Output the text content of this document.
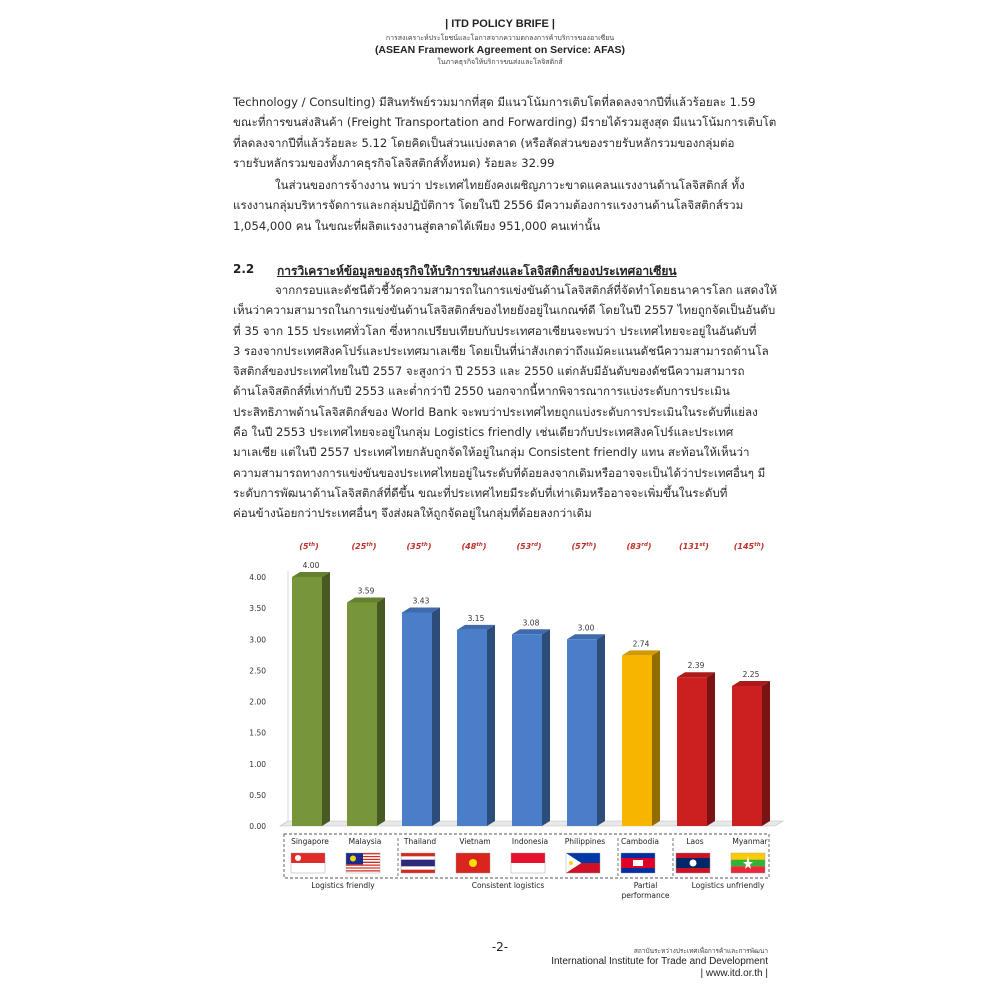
| ITD POLICY BRIFE |
การสงเคราะห์ประโยชน์และโอกาสจากความตกลงการค้าบริการของอาเซียน
(ASEAN Framework Agreement on Service: AFAS)
ในภาคธุรกิจให้บริการขนส่งและโลจิสติกส์
Technology / Consulting) มีสินทรัพย์รวมมากที่สุด มีแนวโน้มการเติบโตที่ลดลงจากปีที่แล้วร้อยละ 1.59
ขณะที่การขนส่งสินค้า (Freight Transportation and Forwarding) มีรายได้รวมสูงสุด มีแนวโน้มการเติบโต
ที่ลดลงจากปีที่แล้วร้อยละ 5.12 โดยคิดเป็นส่วนแบ่งตลาด (หรือสัดส่วนของรายรับหลักรวมของกลุ่มต่อ
รายรับหลักรวมของทั้งภาคธุรกิจโลจิสติกส์ทั้งหมด) ร้อยละ 32.99
ในส่วนของการจ้างงาน พบว่า ประเทศไทยยังคงเผชิญภาวะขาดแคลนแรงงานด้านโลจิสติกส์ ทั้ง
แรงงานกลุ่มบริหารจัดการและกลุ่มปฏิบัติการ โดยในปี 2556 มีความต้องการแรงงานด้านโลจิสติกส์รวม
1,054,000 คน ในขณะที่ผลิตแรงงานสู่ตลาดได้เพียง 951,000 คนเท่านั้น
2.2 การวิเคราะห์ข้อมูลของธุรกิจให้บริการขนส่งและโลจิสติกส์ของประเทศอาเซียน
จากกรอบและดัชนีตัวชี้วัดความสามารถในการแข่งขันด้านโลจิสติกส์ที่จัดทำโดยธนาคารโลก แสดงให้
เห็นว่าความสามารถในการแข่งขันด้านโลจิสติกส์ของไทยยังอยู่ในเกณฑ์ดี โดยในปี 2557 ไทยถูกจัดเป็นอันดับ
ที่ 35 จาก 155 ประเทศทั่วโลก ซึ่งหากเปรียบเทียบกับประเทศอาเซียนจะพบว่า ประเทศไทยจะอยู่ในอันดับที่
3 รองจากประเทศสิงคโปร์และประเทศมาเลเซีย โดยเป็นที่น่าสังเกตว่าถึงแม้คะแนนดัชนีความสามารถด้านโล
จิสติกส์ของประเทศไทยในปี 2557 จะสูงกว่า ปี 2553 และ 2550 แต่กลับมีอันดับของดัชนีความสามารถ
ด้านโลจิสติกส์ที่เท่ากับปี 2553 และต่ำกว่าปี 2550 นอกจากนี้หากพิจารณาการแบ่งระดับการประเมิน
ประสิทธิภาพด้านโลจิสติกส์ของ World Bank จะพบว่าประเทศไทยถูกแบ่งระดับการประเมินในระดับที่แย่ลง
คือ ในปี 2553 ประเทศไทยจะอยู่ในกลุ่ม Logistics friendly เช่นเดียวกับประเทศสิงคโปร์และประเทศ
มาเลเซีย แต่ในปี 2557 ประเทศไทยกลับถูกจัดให้อยู่ในกลุ่ม Consistent friendly แทน สะท้อนให้เห็นว่า
ความสามารถทางการแข่งขันของประเทศไทยอยู่ในระดับที่ด้อยลงจากเดิมหรืออาจจะเป็นได้ว่าประเทศอื่นๆ มี
ระดับการพัฒนาด้านโลจิสติกส์ที่ดีขึ้น ขณะที่ประเทศไทยมีระดับที่เท่าเดิมหรืออาจจะเพิ่มขึ้นในระดับที่
ค่อนข้างน้อยกว่าประเทศอื่นๆ จึงส่งผลให้ถูกจัดอยู่ในกลุ่มที่ด้อยลงกว่าเดิม
0.00
0.50
1.00
1.50
2.00
2.50
3.00
3.50
4.00
4.00
(5th)
Singapore
3.59
(25th)
Malaysia
3.43
(35th)
Thailand
3.15
(48th)
Vietnam
3.08
(53rd)
Indonesia
3.00
(57th)
Philippines
2.74
(83rd)
Cambodia
2.39
(131st)
Laos
2.25
(145th)
Myanmar
Logistics friendly	Consistent logistics	Partial
performance
Logistics unfriendly
-2-	สถาบันระหว่างประเทศเพื่อการค้าและการพัฒนา
International Institute for Trade and Development
| www.itd.or.th |
